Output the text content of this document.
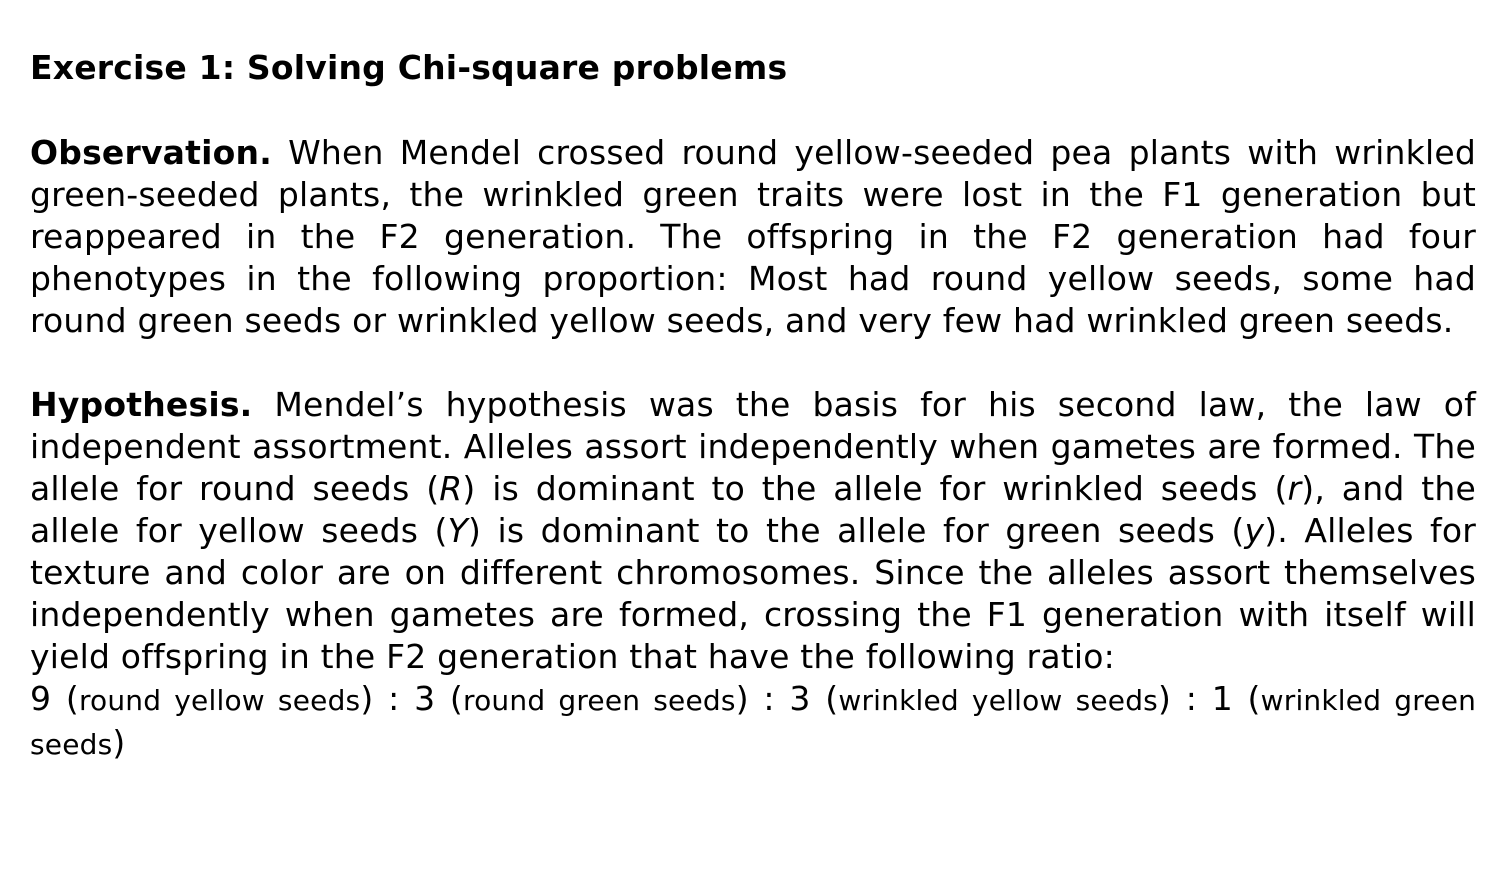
Exercise 1: Solving Chi-square problems

Observation. When Mendel crossed round yellow-seeded pea plants with wrinkled green-seeded plants, the wrinkled green traits were lost in the F1 generation but reappeared in the F2 generation. The offspring in the F2 generation had four phenotypes in the following proportion: Most had round yellow seeds, some had round green seeds or wrinkled yellow seeds, and very few had wrinkled green seeds.

Hypothesis. Mendel’s hypothesis was the basis for his second law, the law of independent assortment. Alleles assort independently when gametes are formed. The allele for round seeds (R) is dominant to the allele for wrinkled seeds (r), and the allele for yellow seeds (Y) is dominant to the allele for green seeds (y). Alleles for texture and color are on different chromosomes. Since the alleles assort themselves independently when gametes are formed, crossing the F1 generation with itself will yield offspring in the F2 generation that have the following ratio:

9 (round yellow seeds) : 3 (round green seeds) : 3 (wrinkled yellow seeds) : 1 (wrinkled green seeds)
